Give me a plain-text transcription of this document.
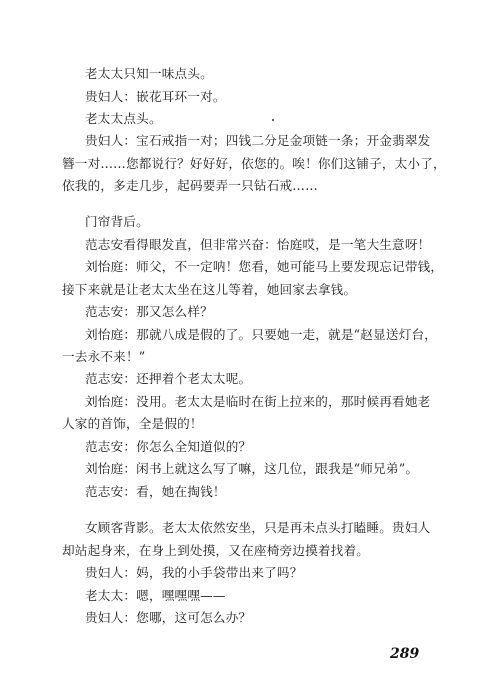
老太太只知一味点头。
贵妇人：嵌花耳环一对。
老太太点头。
贵妇人：宝石戒指一对；四钱二分足金项链一条；开金翡翠发
簪一对……您都说行？好好好，依您的。唉！你们这铺子，太小了，
依我的，多走几步，起码要弄一只钻石戒……
门帘背后。
范志安看得眼发直，但非常兴奋：怡庭哎，是一笔大生意呀！
刘怡庭：师父，不一定呐！您看，她可能马上要发现忘记带钱，
接下来就是让老太太坐在这儿等着，她回家去拿钱。
范志安：那又怎么样？
刘怡庭：那就八成是假的了。只要她一走，就是“赵显送灯台，
一去永不来！”
范志安：还押着个老太太呢。
刘怡庭：没用。老太太是临时在街上拉来的，那时候再看她老
人家的首饰，全是假的！
范志安：你怎么全知道似的？
刘怡庭：闲书上就这么写了嘛，这几位，跟我是“师兄弟”。
范志安：看，她在掏钱！
女顾客背影。老太太依然安坐，只是再未点头打瞌睡。贵妇人
却站起身来，在身上到处摸，又在座椅旁边摸着找着。
贵妇人：妈，我的小手袋带出来了吗？
老太太：嗯，嘿嘿嘿——
贵妇人：您哪，这可怎么办？
289
